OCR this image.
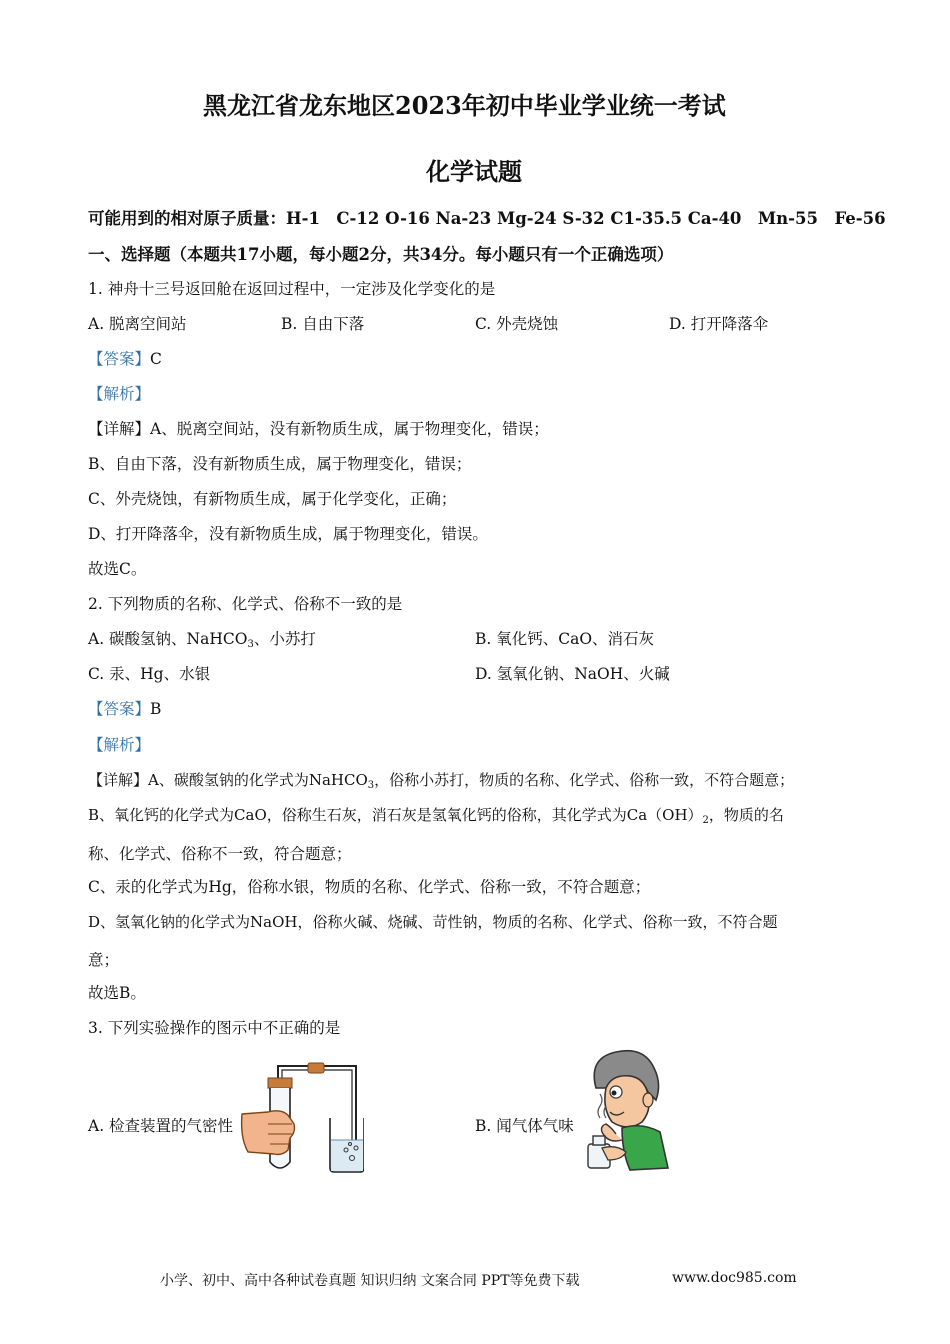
黑龙江省龙东地区2023年初中毕业学业统一考试
化学试题
可能用到的相对原子质量：H-1　C-12 O-16 Na-23 Mg-24 S-32 C1-35.5 Ca-40　Mn-55　Fe-56
一、选择题（本题共17小题，每小题2分，共34分。每小题只有一个正确选项）
1. 神舟十三号返回舱在返回过程中，一定涉及化学变化的是
A. 脱离空间站	B. 自由下落	C. 外壳烧蚀	D. 打开降落伞
【答案】C
【解析】
【详解】A、脱离空间站，没有新物质生成，属于物理变化，错误；
B、自由下落，没有新物质生成，属于物理变化，错误；
C、外壳烧蚀，有新物质生成，属于化学变化，正确；
D、打开降落伞，没有新物质生成，属于物理变化，错误。
故选C。
2. 下列物质的名称、化学式、俗称不一致的是
A. 碳酸氢钠、NaHCO$_3$、小苏打	B. 氧化钙、CaO、消石灰
C. 汞、Hg、水银	D. 氢氧化钠、NaOH、火碱
【答案】B
【解析】
【详解】A、碳酸氢钠的化学式为NaHCO$_3$，俗称小苏打，物质的名称、化学式、俗称一致，不符合题意；
B、氧化钙的化学式为CaO，俗称生石灰，消石灰是氢氧化钙的俗称，其化学式为$Ca(OH)_2$，物质的名
称、化学式、俗称不一致，符合题意；
C、汞的化学式为Hg，俗称水银，物质的名称、化学式、俗称一致，不符合题意；
D、氢氧化钠的化学式为NaOH，俗称火碱、烧碱、苛性钠，物质的名称、化学式、俗称一致，不符合题
意；
故选B。
3. 下列实验操作的图示中不正确的是
A. 检查装置的气密性	B. 闻气体气味
小学、初中、高中各种试卷真题 知识归纳 文案合同 PPT等免费下载	www.doc985.com
